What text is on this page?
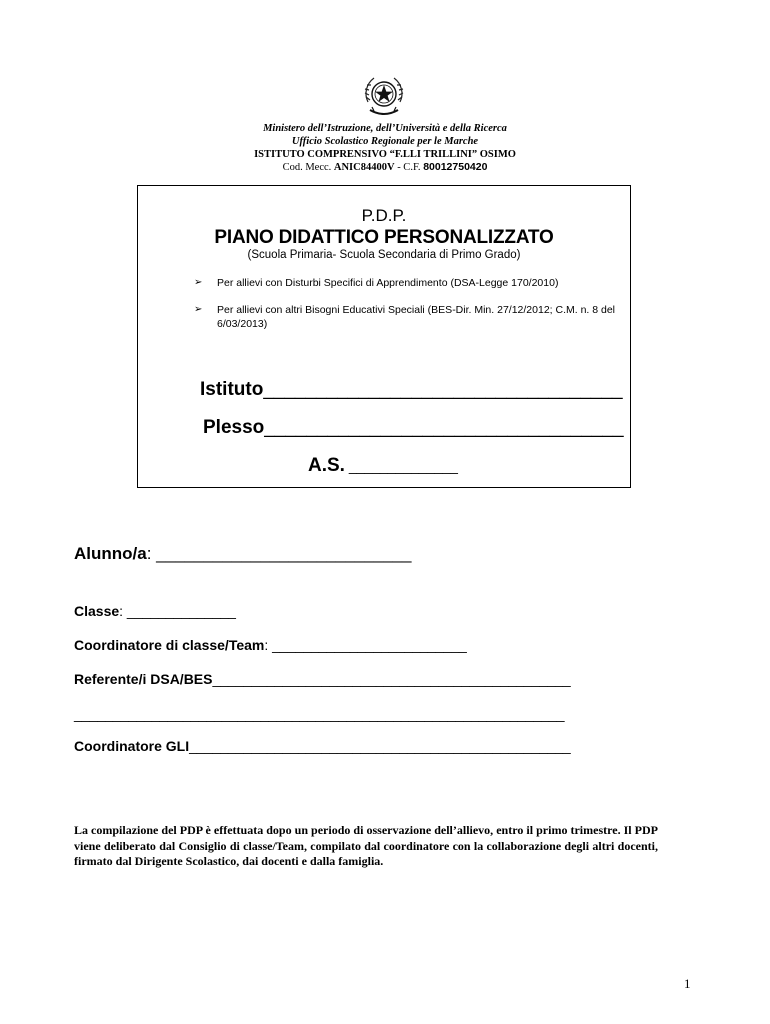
Ministero dell’Istruzione, dell’Università e della Ricerca
Ufficio Scolastico Regionale per le Marche
ISTITUTO COMPRENSIVO “F.LLI TRILLINI” OSIMO
Cod. Mecc. ANIC84400V - C.F. 80012750420
P.D.P.
PIANO DIDATTICO PERSONALIZZATO
(Scuola Primaria- Scuola Secondaria di Primo Grado)
➢ Per allievi con Disturbi Specifici di Apprendimento (DSA-Legge 170/2010)
➢ Per allievi con altri Bisogni Educativi Speciali (BES-Dir. Min. 27/12/2012; C.M. n. 8 del 6/03/2013)
Istituto__________________________________
Plesso__________________________________
A.S. ______________
Alunno/a: ___________________________
Classe: ______________
Coordinatore di classe/Team: _________________________
Referente/i DSA/BES______________________________________________
_______________________________________________________________
Coordinatore GLI_________________________________________________
La compilazione del PDP è effettuata dopo un periodo di osservazione dell’allievo, entro il primo trimestre. Il PDP viene deliberato dal Consiglio di classe/Team, compilato dal coordinatore con la collaborazione degli altri docenti, firmato dal Dirigente Scolastico, dai docenti e dalla famiglia.
1
